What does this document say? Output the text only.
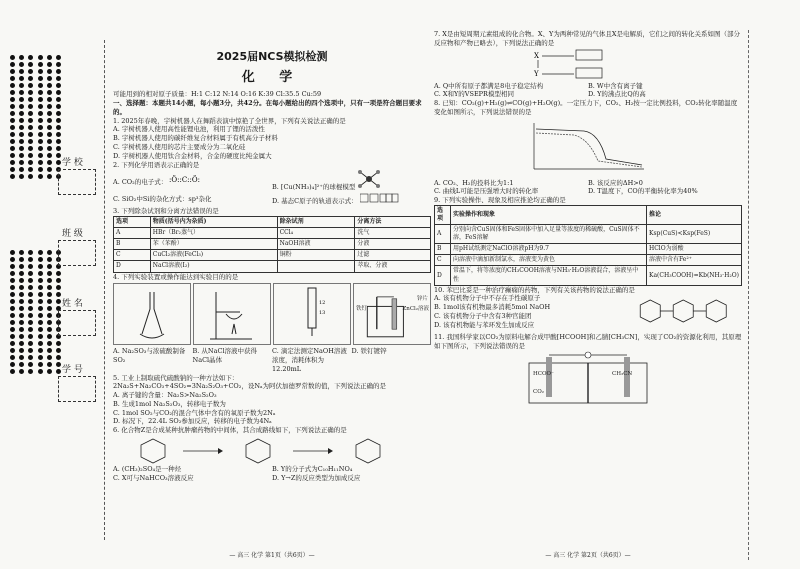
学 校
班 级
姓 名
学 号
2025届NCS模拟检测
化 学
可能用到的相对原子质量：H:1 C:12 N:14 O:16 K:39 Cl:35.5 Cu:59
一、选择题：本题共14小题，每小题3分，共42分。在每小题给出的四个选项中，只有一项是符合题目要求的。
1. 2025年春晚，宇树机器人在舞蹈表演中惊艳了全世界，下列有关说法正确的是
A. 宇树机器人使用高性能锂电池，利用了锂的活泼性
B. 宇树机器人使用的碳纤维复合材料属于有机高分子材料
C. 宇树机器人使用的芯片主要成分为二氧化硅
D. 宇树机器人使用钛合金材料，合金的硬度比纯金属大
2. 下列化学用语表示正确的是
A. CO₂的电子式： :Ö::C::Ö:
B. [Cu(NH₃)₄]²⁺的球棍模型
C. SiO₂中Si的杂化方式：sp³杂化	D. 基态C原子的轨道表示式：
3. 下列除杂试剂和分离方法错误的是
选项	物质(括号内为杂质)	除杂试剂	分离方法
A	HBr（Br₂蒸气）	CCl₄	洗气
B	苯（苯酚）	NaOH溶液	分液
C	CuCl₂溶液(FeCl₃)	铜粉	过滤
D	NaCl溶液(I₂)		萃取、分液
4. 下列实验装置或操作能达到实验目的的是
12
13
铁钉
锌片
ZnCl₂溶液
A. Na₂SO₃与浓硫酸制备SO₂
B. 从NaCl溶液中获得NaCl晶体
C. 滴定法测定NaOH溶液浓度，消耗体积为12.20mL
D. 铁钉镀锌
5. 工业上制取硫代硫酸钠的一种方法如下：
2Na₂S+Na₂CO₃+4SO₂=3Na₂S₂O₃+CO₂，设Nₐ为阿伏加德罗常数的值，下列说法正确的是
A. 离子键的含量：Na₂S>Na₂S₂O₃
B. 生成1mol Na₂S₂O₃，转移电子数为
C. 1mol SO₂与CO₂的混合气体中含有的氧原子数为2Nₐ
D. 标况下，22.4L SO₂参加反应，转移的电子数为4Nₐ
6. 化合物Z是合成某种抗肿瘤药物的中间体，其合成路线如下，下列说法正确的是
A. (CH₃)₂SO₄是一种烃	B. Y的分子式为C₁₀H₁₁NO₄
C. X可与NaHCO₃溶液反应	D. Y→Z的反应类型为加成反应
— 高三 化学 第1页（共6页）—
7. X是由短周期元素组成的化合物。X、Y为两种常见的气体且X是电解质，它们之间的转化关系如图（部分反应物和产物已略去），下列说法正确的是
X
Y
A. Q中所有原子都满足8电子稳定结构	B. W中含有离子键
C. X和Y的VSEPR模型相同	D. Y的沸点比Q的高
8. 已知：CO₂(g)+H₂(g)⇌CO(g)+H₂O(g)。一定压力下，CO₂、H₂按一定比例投料，CO₂转化率随温度变化如图所示，下列说法错误的是
A. CO₂、H₂的投料比为1:1	B. 该反应的ΔH>0
C. 曲线L可能是压强增大时的转化率	D. T温度下，CO的平衡转化率为40%
9. 下列实验操作、现象及相应推论均正确的是
选项	实验操作和现象	推论
A	分别向含CuS固体和FeS固体中加入足量等浓度的稀硫酸，CuS固体不溶，FeS溶解	Ksp(CuS)<Ksp(FeS)
B	用pH试纸测定NaClO溶液pH为9.7	HClO为弱酸
C	向溶液中滴加新制氯水，溶液变为黄色	溶液中含有Fe²⁺
D	常温下，将等浓度的CH₃COOH溶液与NH₃·H₂O溶液混合，溶液呈中性	Ka(CH₃COOH)=Kb(NH₃·H₂O)
10. 苯巴比妥是一种治疗癫痫的药物，下列有关该药物的说法正确的是
A. 该有机物分子中不存在手性碳原子
B. 1mol该有机物最多消耗5mol NaOH
C. 该有机物分子中含有3种官能团
D. 该有机物能与苯环发生加成反应
11. 我国科学家以CO₂为原料电解合成甲酸[HCOOH]和乙腈[CH₃CN]，实现了CO₂的资源化利用，其原理如下图所示，下列说法错误的是
HCOO⁻	CH₃CN
CO₂
— 高三 化学 第2页（共6页）—
